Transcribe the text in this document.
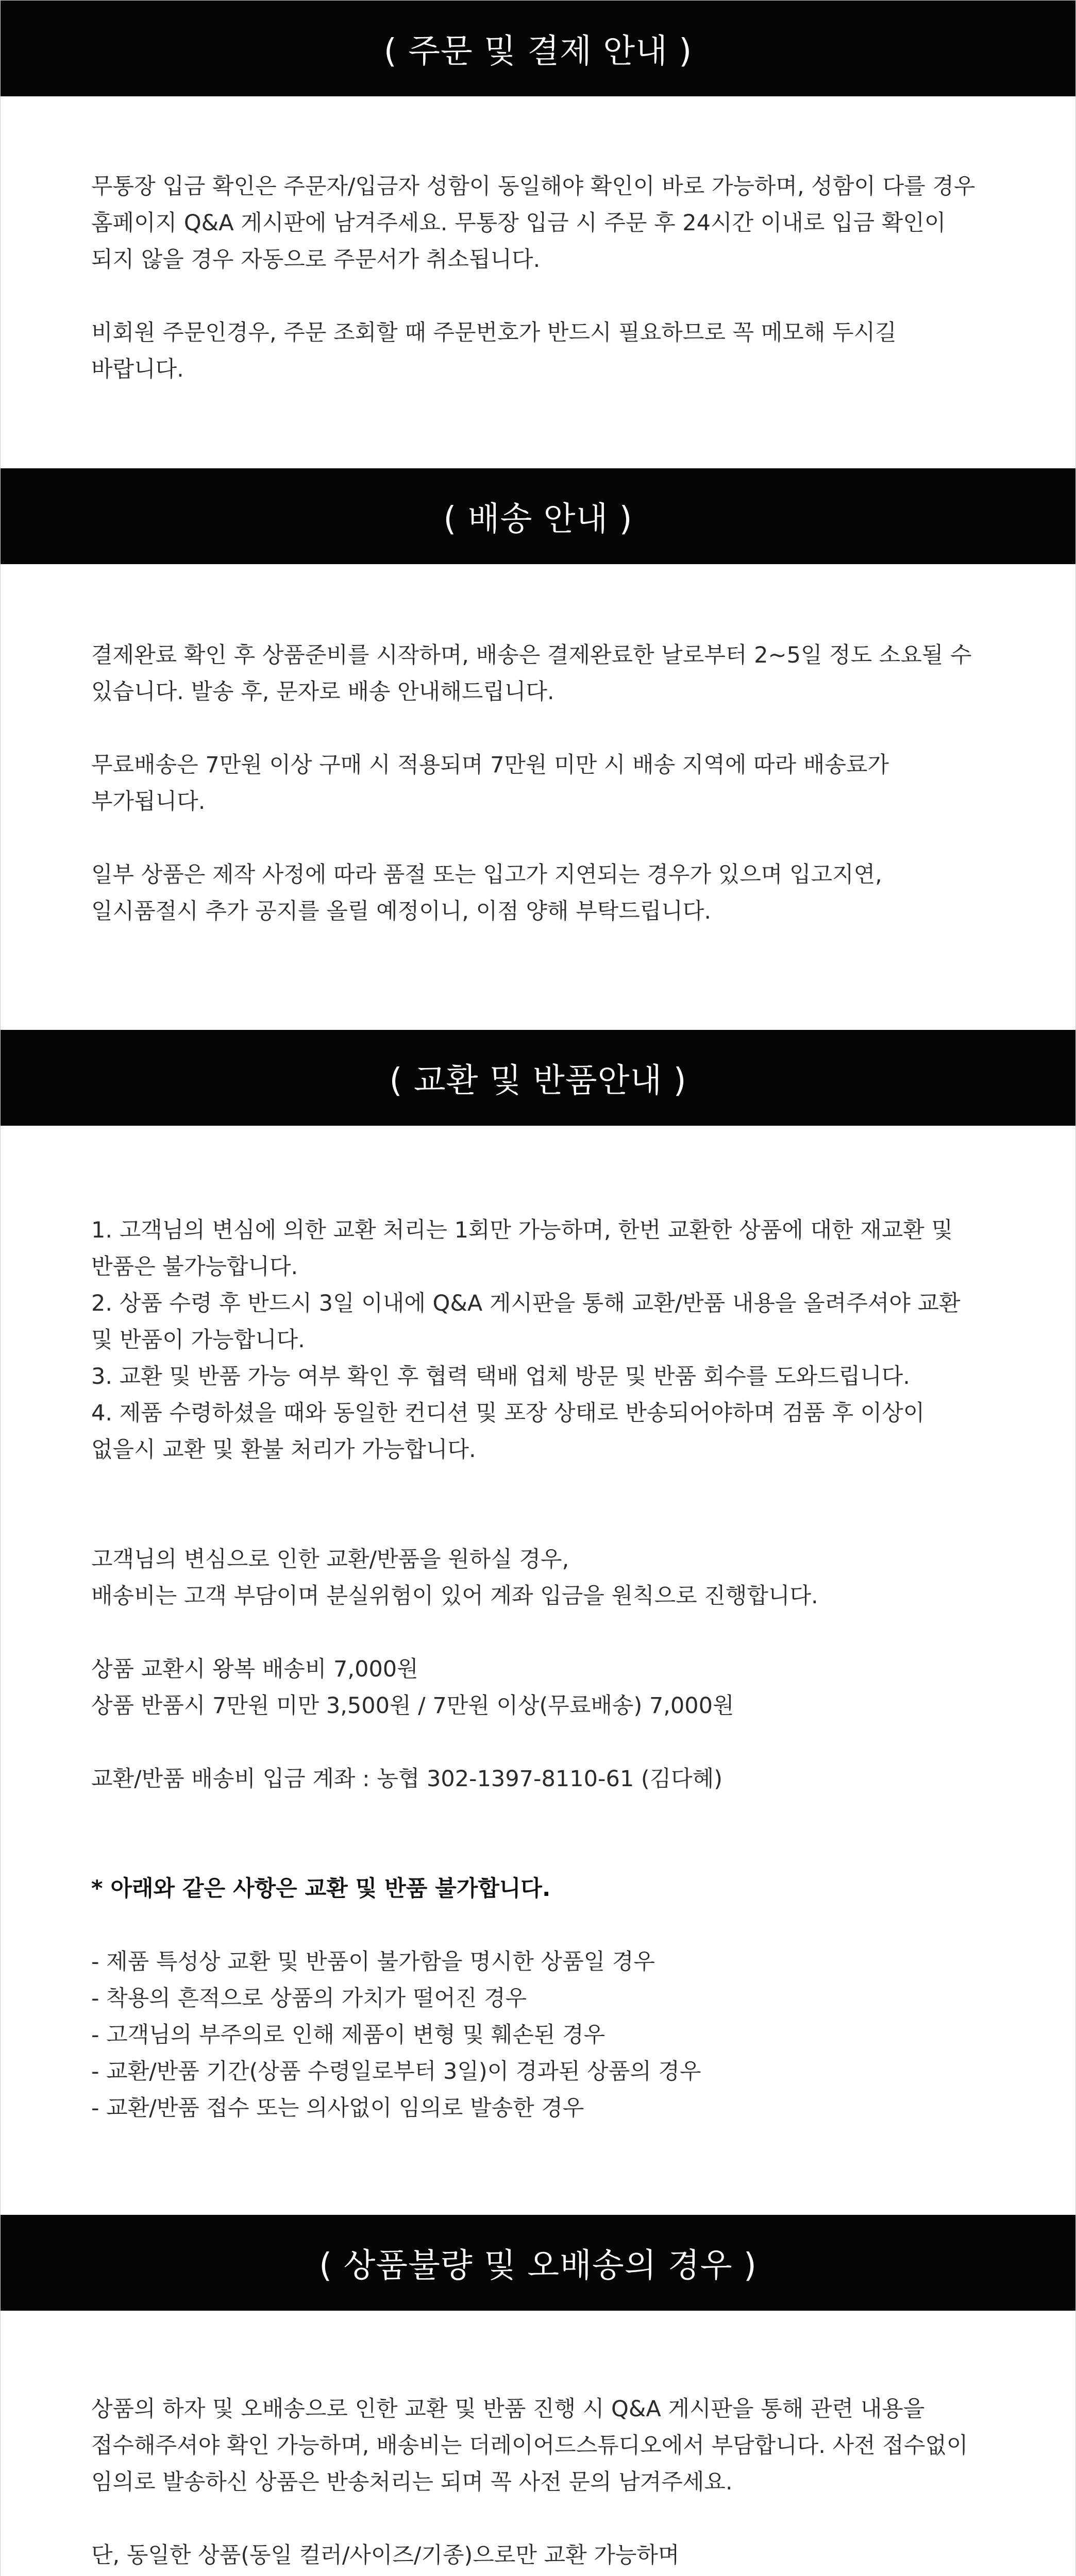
( 주문 및 결제 안내 )
무통장 입금 확인은 주문자/입금자 성함이 동일해야 확인이 바로 가능하며, 성함이 다를 경우 홈페이지 Q&A 게시판에 남겨주세요. 무통장 입금 시 주문 후 24시간 이내로 입금 확인이 되지 않을 경우 자동으로 주문서가 취소됩니다.
비회원 주문인경우, 주문 조회할 때 주문번호가 반드시 필요하므로 꼭 메모해 두시길 바랍니다.
( 배송 안내 )
결제완료 확인 후 상품준비를 시작하며, 배송은 결제완료한 날로부터 2~5일 정도 소요될 수 있습니다. 발송 후, 문자로 배송 안내해드립니다.
무료배송은 7만원 이상 구매 시 적용되며 7만원 미만 시 배송 지역에 따라 배송료가 부가됩니다.
일부 상품은 제작 사정에 따라 품절 또는 입고가 지연되는 경우가 있으며 입고지연, 일시품절시 추가 공지를 올릴 예정이니, 이점 양해 부탁드립니다.
( 교환 및 반품안내 )
1. 고객님의 변심에 의한 교환 처리는 1회만 가능하며, 한번 교환한 상품에 대한 재교환 및 반품은 불가능합니다.
2. 상품 수령 후 반드시 3일 이내에 Q&A 게시판을 통해 교환/반품 내용을 올려주셔야 교환 및 반품이 가능합니다.
3. 교환 및 반품 가능 여부 확인 후 협력 택배 업체 방문 및 반품 회수를 도와드립니다.
4. 제품 수령하셨을 때와 동일한 컨디션 및 포장 상태로 반송되어야하며 검품 후 이상이 없을시 교환 및 환불 처리가 가능합니다.
고객님의 변심으로 인한 교환/반품을 원하실 경우,
배송비는 고객 부담이며 분실위험이 있어 계좌 입금을 원칙으로 진행합니다.
상품 교환시 왕복 배송비 7,000원
상품 반품시 7만원 미만 3,500원 / 7만원 이상(무료배송) 7,000원
교환/반품 배송비 입금 계좌 : 농협 302-1397-8110-61 (김다혜)
* 아래와 같은 사항은 교환 및 반품 불가합니다.
- 제품 특성상 교환 및 반품이 불가함을 명시한 상품일 경우
- 착용의 흔적으로 상품의 가치가 떨어진 경우
- 고객님의 부주의로 인해 제품이 변형 및 훼손된 경우
- 교환/반품 기간(상품 수령일로부터 3일)이 경과된 상품의 경우
- 교환/반품 접수 또는 의사없이 임의로 발송한 경우
( 상품불량 및 오배송의 경우 )
상품의 하자 및 오배송으로 인한 교환 및 반품 진행 시 Q&A 게시판을 통해 관련 내용을 접수해주셔야 확인 가능하며, 배송비는 더레이어드스튜디오에서 부담합니다. 사전 접수없이 임의로 발송하신 상품은 반송처리는 되며 꼭 사전 문의 남겨주세요.
단, 동일한 상품(동일 컬러/사이즈/기종)으로만 교환 가능하며
